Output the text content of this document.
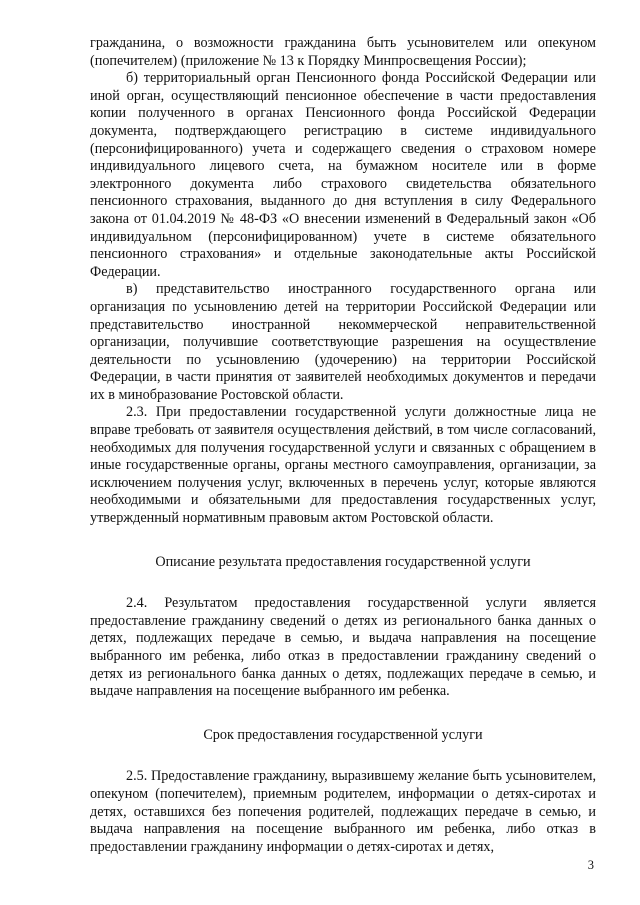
гражданина, о возможности гражданина быть усыновителем или опекуном (попечителем) (приложение № 13 к Порядку Минпросвещения России);

б) территориальный орган Пенсионного фонда Российской Федерации или иной орган, осуществляющий пенсионное обеспечение в части предоставления копии полученного в органах Пенсионного фонда Российской Федерации документа, подтверждающего регистрацию в системе индивидуального (персонифицированного) учета и содержащего сведения о страховом номере индивидуального лицевого счета, на бумажном носителе или в форме электронного документа либо страхового свидетельства обязательного пенсионного страхования, выданного до дня вступления в силу Федерального закона от 01.04.2019 № 48-ФЗ «О внесении изменений в Федеральный закон «Об индивидуальном (персонифицированном) учете в системе обязательного пенсионного страхования» и отдельные законодательные акты Российской Федерации.

в) представительство иностранного государственного органа или организация по усыновлению детей на территории Российской Федерации или представительство иностранной некоммерческой неправительственной организации, получившие соответствующие разрешения на осуществление деятельности по усыновлению (удочерению) на территории Российской Федерации, в части принятия от заявителей необходимых документов и передачи их в минобразование Ростовской области.

2.3. При предоставлении государственной услуги должностные лица не вправе требовать от заявителя осуществления действий, в том числе согласований, необходимых для получения государственной услуги и связанных с обращением в иные государственные органы, органы местного самоуправления, организации, за исключением получения услуг, включенных в перечень услуг, которые являются необходимыми и обязательными для предоставления государственных услуг, утвержденный нормативным правовым актом Ростовской области.

Описание результата предоставления государственной услуги

2.4. Результатом предоставления государственной услуги является предоставление гражданину сведений о детях из регионального банка данных о детях, подлежащих передаче в семью, и выдача направления на посещение выбранного им ребенка, либо отказ в предоставлении гражданину сведений о детях из регионального банка данных о детях, подлежащих передаче в семью, и выдаче направления на посещение выбранного им ребенка.

Срок предоставления государственной услуги

2.5. Предоставление гражданину, выразившему желание быть усыновителем, опекуном (попечителем), приемным родителем, информации о детях-сиротах и детях, оставшихся без попечения родителей, подлежащих передаче в семью, и выдача направления на посещение выбранного им ребенка, либо отказ в предоставлении гражданину информации о детях-сиротах и детях,

3
